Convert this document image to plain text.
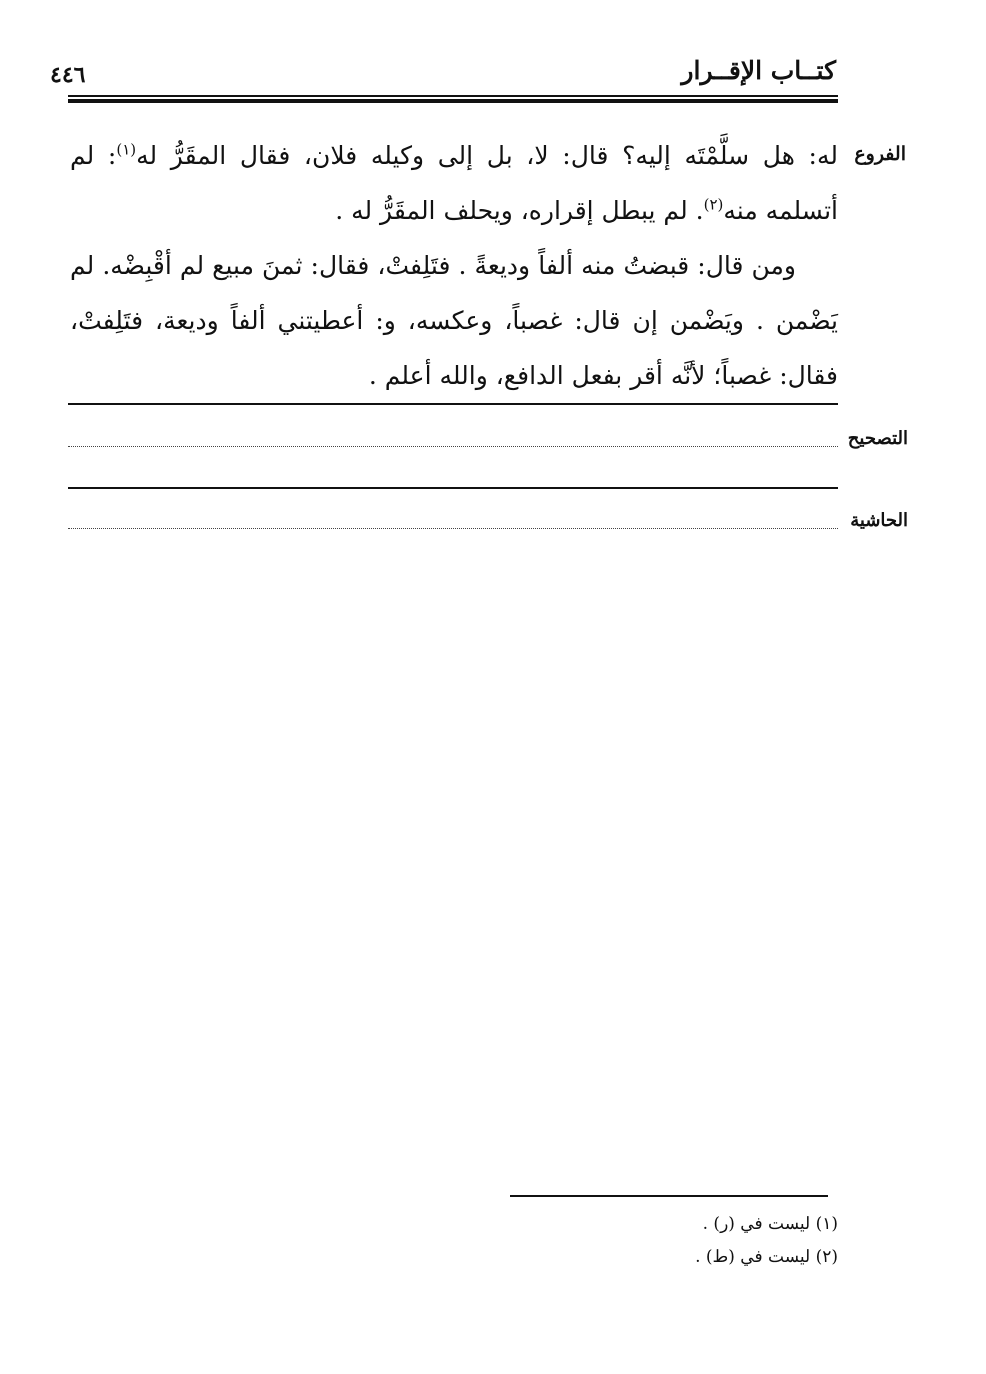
كتــاب الإقــرار
٤٤٦
الفروع

له: هل سلَّمْتَه إليه؟ قال: لا، بل إلى وكيله فلان، فقال المقَرُّ له$^{(١)}$: لم أتسلمه منه$^{(٢)}$. لم يبطل إقراره، ويحلف المقَرُّ له .

ومن قال: قبضتُ منه ألفاً وديعةً . فتَلِفتْ، فقال: ثمنَ مبيع لم أقْبِضْه. لم يَضْمن . ويَضْمن إن قال: غصباً، وعكسه، و: أعطيتني ألفاً وديعة، فتَلِفتْ، فقال: غصباً؛ لأنَّه أقر بفعل الدافع، والله أعلم .

التصحيح
الحاشية
(١) ليست في (ر) .
(٢) ليست في (ط) .
